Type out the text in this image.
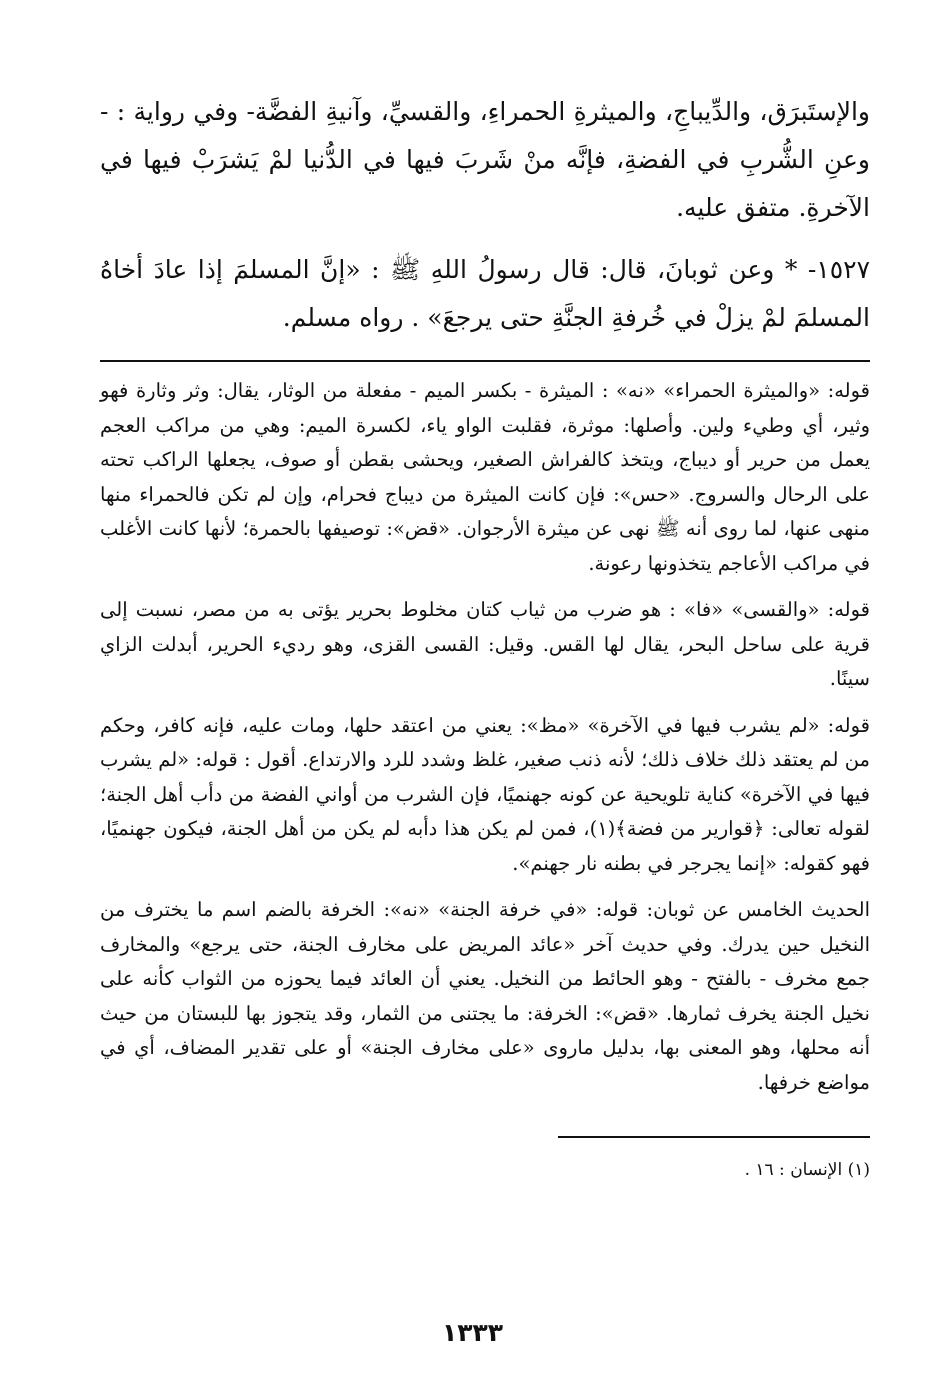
والإستَبرَق، والدِّيباجِ، والميثرةِ الحمراءِ، والقسيِّ، وآنيةِ الفضَّة- وفي رواية : - وعنِ الشُّربِ في الفضةِ، فإنَّه منْ شَربَ فيها في الدُّنيا لمْ يَشرَبْ فيها في الآخرةِ. متفق عليه.

١٥٢٧- * وعن ثوبانَ، قال: قال رسولُ اللهِ ﷺ : «إنَّ المسلمَ إذا عادَ أخاهُ المسلمَ لمْ يزلْ في خُرفةِ الجنَّةِ حتى يرجعَ» . رواه مسلم.

قوله: «والميثرة الحمراء» «نه» : الميثرة - بكسر الميم - مفعلة من الوثار، يقال: وثر وثارة فهو وثير، أي وطيء ولين. وأصلها: موثرة، فقلبت الواو ياء، لكسرة الميم: وهي من مراكب العجم يعمل من حرير أو ديباج، ويتخذ كالفراش الصغير، ويحشى بقطن أو صوف، يجعلها الراكب تحته على الرحال والسروج. «حس»: فإن كانت الميثرة من ديباج فحرام، وإن لم تكن فالحمراء منها منهى عنها، لما روى أنه ﷺ نهى عن ميثرة الأرجوان. «قض»: توصيفها بالحمرة؛ لأنها كانت الأغلب في مراكب الأعاجم يتخذونها رعونة.

قوله: «والقسى» «فا» : هو ضرب من ثياب كتان مخلوط بحرير يؤتى به من مصر، نسبت إلى قرية على ساحل البحر، يقال لها القس. وقيل: القسى القزى، وهو رديء الحرير، أبدلت الزاي سينًا.

قوله: «لم يشرب فيها في الآخرة» «مظ»: يعني من اعتقد حلها، ومات عليه، فإنه كافر، وحكم من لم يعتقد ذلك خلاف ذلك؛ لأنه ذنب صغير، غلظ وشدد للرد والارتداع. أقول : قوله: «لم يشرب فيها في الآخرة» كناية تلويحية عن كونه جهنميًا، فإن الشرب من أواني الفضة من دأب أهل الجنة؛ لقوله تعالى: ﴿قوارير من فضة﴾(١)، فمن لم يكن هذا دأبه لم يكن من أهل الجنة، فيكون جهنميًا، فهو كقوله: «إنما يجرجر في بطنه نار جهنم».

الحديث الخامس عن ثوبان: قوله: «في خرفة الجنة» «نه»: الخرفة بالضم اسم ما يخترف من النخيل حين يدرك. وفي حديث آخر «عائد المريض على مخارف الجنة، حتى يرجع» والمخارف جمع مخرف - بالفتح - وهو الحائط من النخيل. يعني أن العائد فيما يحوزه من الثواب كأنه على نخيل الجنة يخرف ثمارها. «قض»: الخرفة: ما يجتنى من الثمار، وقد يتجوز بها للبستان من حيث أنه محلها، وهو المعنى بها، بدليل ماروى «على مخارف الجنة» أو على تقدير المضاف، أي في مواضع خرفها.

(١) الإنسان : ١٦ .

١٣٣٣
